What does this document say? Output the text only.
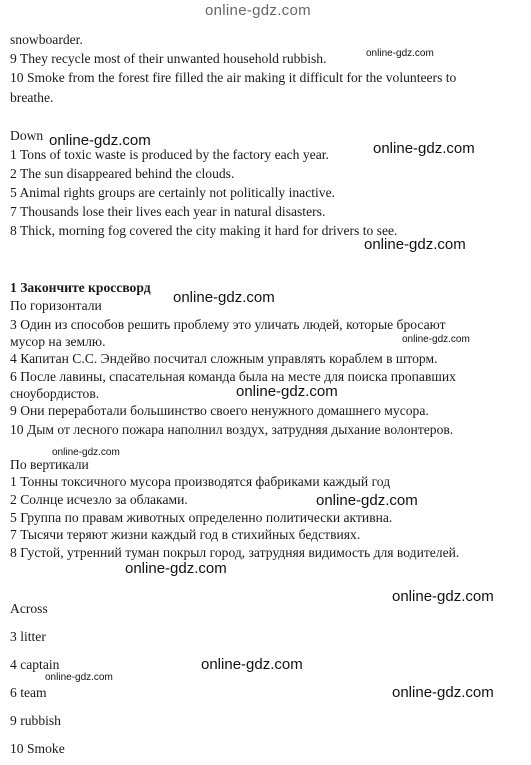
online-gdz.com
snowboarder.
9 They recycle most of their unwanted household rubbish.
10 Smoke from the forest fire filled the air making it difficult for the volunteers to
breathe.
Down
1 Tons of toxic waste is produced by the factory each year.
2 The sun disappeared behind the clouds.
5 Animal rights groups are certainly not politically inactive.
7 Thousands lose their lives each year in natural disasters.
8 Thick, morning fog covered the city making it hard for drivers to see.
1 Закончите кроссворд
По горизонтали
3 Один из способов решить проблему это уличать людей, которые бросают
мусор на землю.
4 Капитан С.С. Эндейво посчитал сложным управлять кораблем в шторм.
6 После лавины, спасательная команда была на месте для поиска пропавших
сноубордистов.
9 Они переработали большинство своего ненужного домашнего мусора.
10 Дым от лесного пожара наполнил воздух, затрудняя дыхание волонтеров.
По вертикали
1 Тонны токсичного мусора производятся фабриками каждый год
2 Солнце исчезло за облаками.
5 Группа по правам животных определенно политически активна.
7 Тысячи теряют жизни каждый год в стихийных бедствиях.
8 Густой, утренний туман покрыл город, затрудняя видимость для водителей.
Across
3 litter
4 captain
6 team
9 rubbish
10 Smoke
online-gdz.com
online-gdz.com	online-gdz.com
online-gdz.com
online-gdz.com
online-gdz.com
online-gdz.com
online-gdz.com
online-gdz.com
online-gdz.com
online-gdz.com
online-gdz.com
online-gdz.com
online-gdz.com
